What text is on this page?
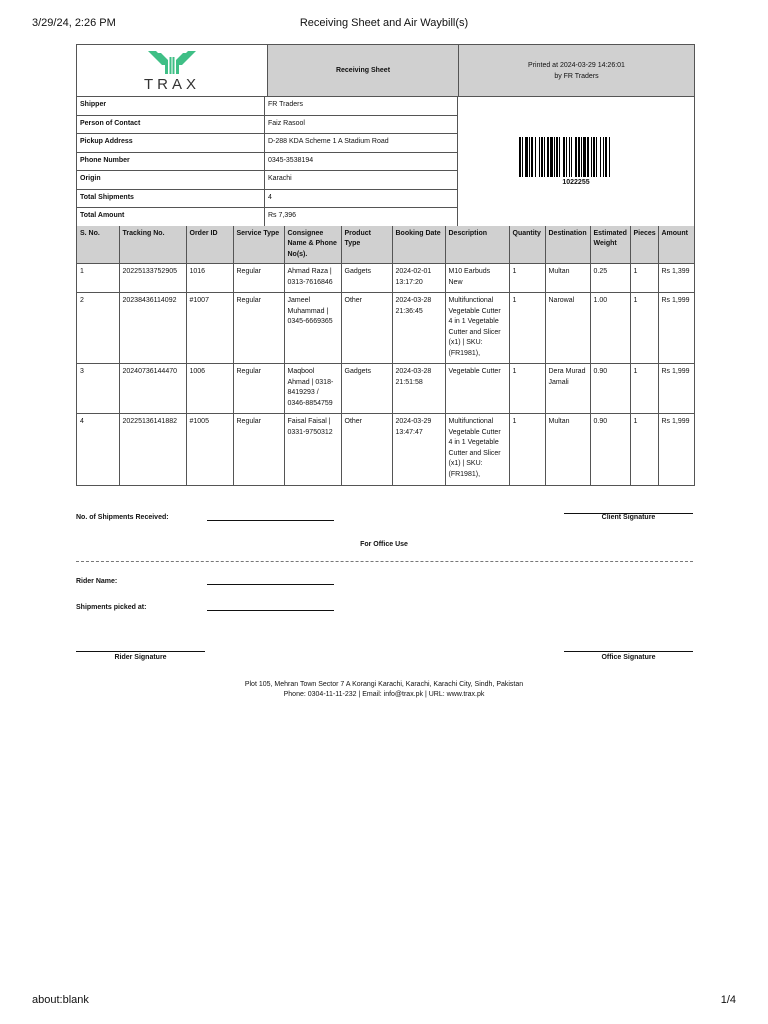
3/29/24, 2:26 PM	Receiving Sheet and Air Waybill(s)
TRAX
Receiving Sheet
Printed at 2024-03-29 14:26:01
by FR Traders
Shipper	FR Traders
Person of Contact	Faiz Rasool
Pickup Address	D-288 KDA Scheme 1 A Stadium Road
Phone Number	0345-3538194
Origin	Karachi
Total Shipments	4
Total Amount	Rs 7,396
1022255
S. No.	Tracking No.	Order ID	Service Type	Consignee Name & Phone No(s).	Product Type	Booking Date	Description	Quantity	Destination	Estimated Weight	Pieces	Amount
1	202251337529​05	1016	Regular	Ahmad Raza | 0313-7616846	Gadgets	2024-02-01 13:17:20	M10 Earbuds New	1	Multan	0.25	1	Rs 1,399
2	202384361140​92	#1007	Regular	Jameel Muhammad | 0345-6669365	Other	2024-03-28 21:36:45	Multifunctional Vegetable Cutter 4 in 1 Vegetable Cutter and Slicer (x1) | SKU: (FR1981),	1	Narowal	1.00	1	Rs 1,999
3	202407361444​70	1006	Regular	Maqbool Ahmad | 0318-8419293 / 0346-8854759	Gadgets	2024-03-28 21:51:58	Vegetable Cutter	1	Dera Murad Jamali	0.90	1	Rs 1,999
4	202251361418​82	#1005	Regular	Faisal Faisal | 0331-9750312	Other	2024-03-29 13:47:47	Multifunctional Vegetable Cutter 4 in 1 Vegetable Cutter and Slicer (x1) | SKU: (FR1981),	1	Multan	0.90	1	Rs 1,999
No. of Shipments Received:	Client Signature
For Office Use
Rider Name:
Shipments picked at:
Rider Signature	Office Signature
Plot 105, Mehran Town Sector 7 A Korangi Karachi, Karachi, Karachi City, Sindh, Pakistan
Phone: 0304-11-11-232 | Email: info@trax.pk | URL: www.trax.pk
about:blank	1/4
